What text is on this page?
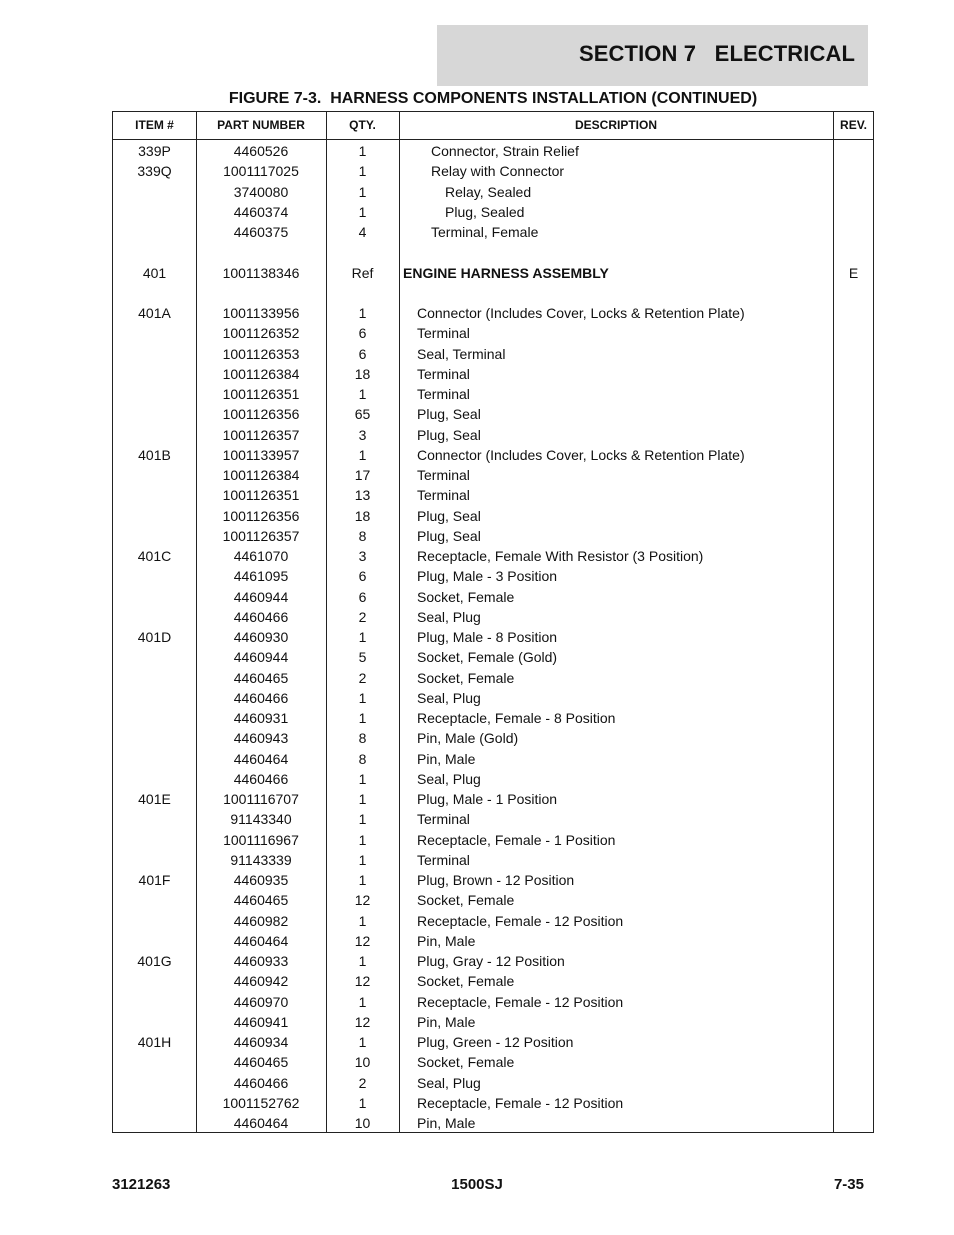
SECTION 7   ELECTRICAL
FIGURE 7-3.  HARNESS COMPONENTS INSTALLATION (CONTINUED)
ITEM #	PART NUMBER	QTY.	DESCRIPTION	REV.
339P	4460526	1	Connector, Strain Relief
339Q	1001117025	1	Relay with Connector
3740080	1	Relay, Sealed
4460374	1	Plug, Sealed
4460375	4	Terminal, Female
401	1001138346	Ref	ENGINE HARNESS ASSEMBLY	E
401A	1001133956	1	Connector (Includes Cover, Locks & Retention Plate)
1001126352	6	Terminal
1001126353	6	Seal, Terminal
1001126384	18	Terminal
1001126351	1	Terminal
1001126356	65	Plug, Seal
1001126357	3	Plug, Seal
401B	1001133957	1	Connector (Includes Cover, Locks & Retention Plate)
1001126384	17	Terminal
1001126351	13	Terminal
1001126356	18	Plug, Seal
1001126357	8	Plug, Seal
401C	4461070	3	Receptacle, Female With Resistor (3 Position)
4461095	6	Plug, Male - 3 Position
4460944	6	Socket, Female
4460466	2	Seal, Plug
401D	4460930	1	Plug, Male - 8 Position
4460944	5	Socket, Female (Gold)
4460465	2	Socket, Female
4460466	1	Seal, Plug
4460931	1	Receptacle, Female - 8 Position
4460943	8	Pin, Male (Gold)
4460464	8	Pin, Male
4460466	1	Seal, Plug
401E	1001116707	1	Plug, Male - 1 Position
91143340	1	Terminal
1001116967	1	Receptacle, Female - 1 Position
91143339	1	Terminal
401F	4460935	1	Plug, Brown - 12 Position
4460465	12	Socket, Female
4460982	1	Receptacle, Female - 12 Position
4460464	12	Pin, Male
401G	4460933	1	Plug, Gray - 12 Position
4460942	12	Socket, Female
4460970	1	Receptacle, Female - 12 Position
4460941	12	Pin, Male
401H	4460934	1	Plug, Green - 12 Position
4460465	10	Socket, Female
4460466	2	Seal, Plug
1001152762	1	Receptacle, Female - 12 Position
4460464	10	Pin, Male
3121263	1500SJ	7-35
